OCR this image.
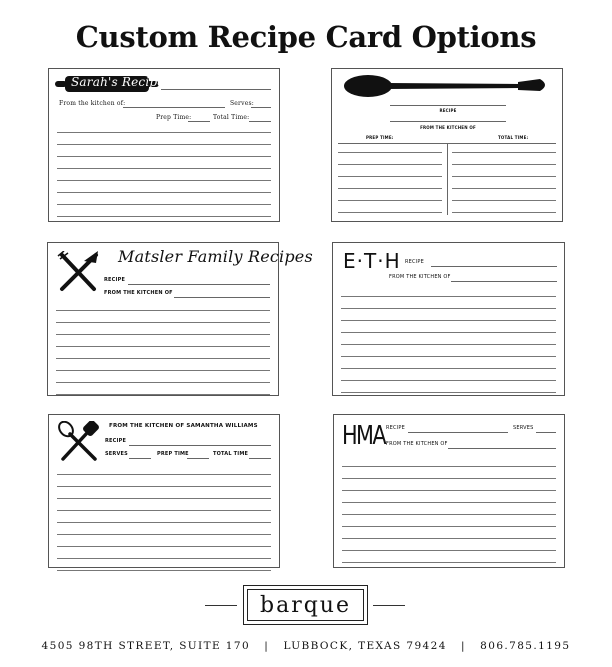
Custom Recipe Card Options
Sarah's Recipe
From the kitchen of:	Serves:
Prep Time:	Total Time:
RECIPE
FROM THE KITCHEN OF
PREP TIME:	TOTAL TIME:
Matsler Family Recipes
RECIPE
FROM THE KITCHEN OF
E·T·H RECIPE
FROM THE KITCHEN OF
FROM THE KITCHEN OF SAMANTHA WILLIAMS
RECIPE
SERVES	PREP TIME	TOTAL TIME
HMA RECIPE	SERVES
FROM THE KITCHEN OF
barque
4505 98TH STREET, SUITE 170   |   LUBBOCK, TEXAS 79424   |   806.785.1195
